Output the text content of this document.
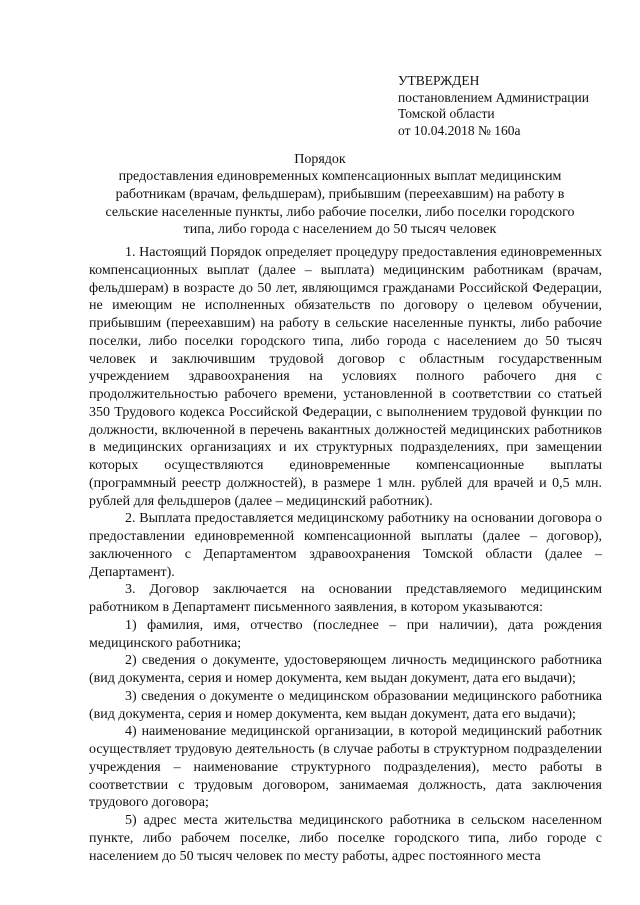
УТВЕРЖДЕН
постановлением Администрации
Томской области
от 10.04.2018 № 160а
Порядок
предоставления единовременных компенсационных выплат медицинским работникам (врачам, фельдшерам), прибывшим (переехавшим) на работу в сельские населенные пункты, либо рабочие поселки, либо поселки городского типа, либо города с населением до 50 тысяч человек

1. Настоящий Порядок определяет процедуру предоставления единовременных компенсационных выплат (далее – выплата) медицинским работникам (врачам, фельдшерам) в возрасте до 50 лет, являющимся гражданами Российской Федерации, не имеющим не исполненных обязательств по договору о целевом обучении, прибывшим (переехавшим) на работу в сельские населенные пункты, либо рабочие поселки, либо поселки городского типа, либо города с населением до 50 тысяч человек и заключившим трудовой договор с областным государственным учреждением здравоохранения на условиях полного рабочего дня с продолжительностью рабочего времени, установленной в соответствии со статьей 350 Трудового кодекса Российской Федерации, с выполнением трудовой функции по должности, включенной в перечень вакантных должностей медицинских работников в медицинских организациях и их структурных подразделениях, при замещении которых осуществляются единовременные компенсационные выплаты (программный реестр должностей), в размере 1 млн. рублей для врачей и 0,5 млн. рублей для фельдшеров (далее – медицинский работник).

2. Выплата предоставляется медицинскому работнику на основании договора о предоставлении единовременной компенсационной выплаты (далее – договор), заключенного с Департаментом здравоохранения Томской области (далее – Департамент).

3. Договор заключается на основании представляемого медицинским работником в Департамент письменного заявления, в котором указываются:

1) фамилия, имя, отчество (последнее – при наличии), дата рождения медицинского работника;

2) сведения о документе, удостоверяющем личность медицинского работника (вид документа, серия и номер документа, кем выдан документ, дата его выдачи);

3) сведения о документе о медицинском образовании медицинского работника (вид документа, серия и номер документа, кем выдан документ, дата его выдачи);

4) наименование медицинской организации, в которой медицинский работник осуществляет трудовую деятельность (в случае работы в структурном подразделении учреждения – наименование структурного подразделения), место работы в соответствии с трудовым договором, занимаемая должность, дата заключения трудового договора;

5) адрес места жительства медицинского работника в сельском населенном пункте, либо рабочем поселке, либо поселке городского типа, либо городе с населением до 50 тысяч человек по месту работы, адрес постоянного места
